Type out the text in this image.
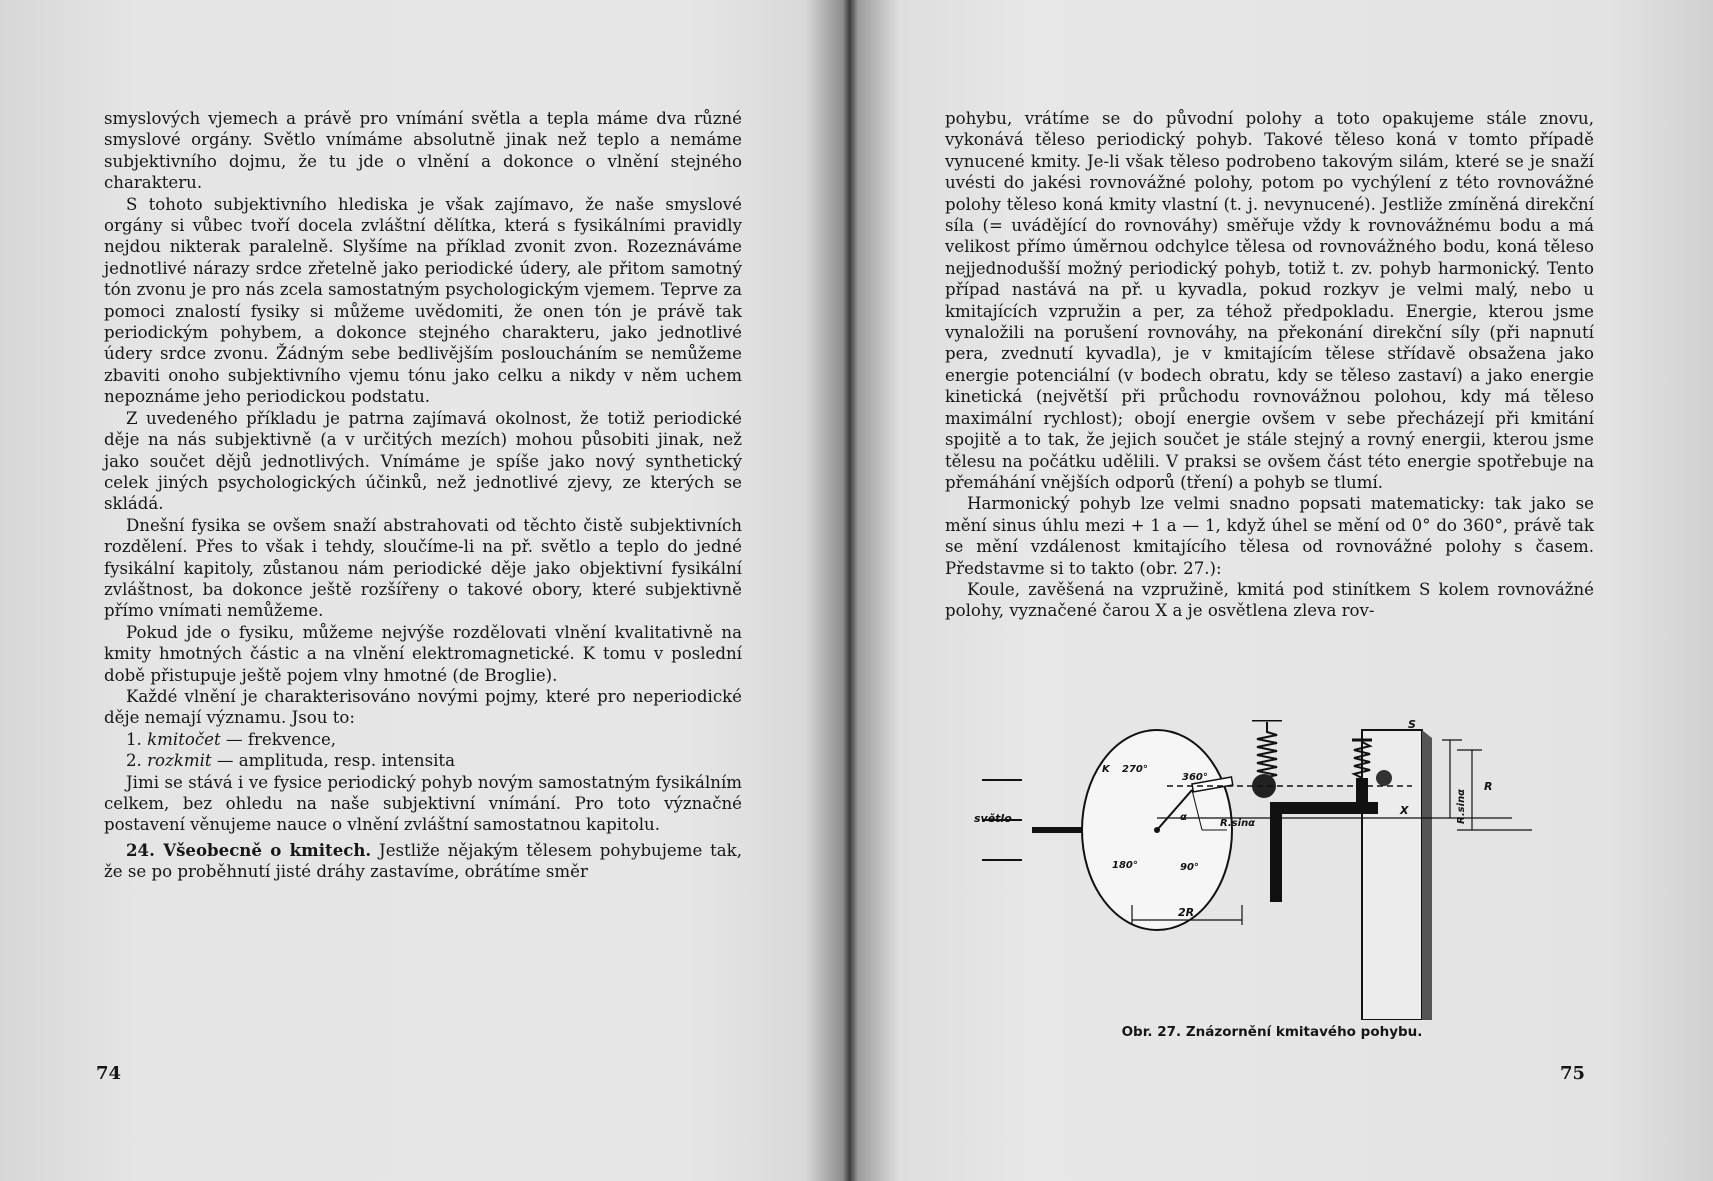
smyslových vjemech a právě pro vnímání světla a tepla máme dva různé smyslové orgány. Světlo vnímáme absolutně jinak než teplo a nemáme subjektivního dojmu, že tu jde o vlnění a dokonce o vlnění stejného charakteru.

S tohoto subjektivního hlediska je však zajímavo, že naše smyslové orgány si vůbec tvoří docela zvláštní dělítka, která s fysikálními pravidly nejdou nikterak paralelně. Slyšíme na příklad zvonit zvon. Rozeznáváme jednotlivé nárazy srdce zřetelně jako periodické údery, ale přitom samotný tón zvonu je pro nás zcela samostatným psychologickým vjemem. Teprve za pomoci znalostí fysiky si můžeme uvědomiti, že onen tón je právě tak periodickým pohybem, a dokonce stejného charakteru, jako jednotlivé údery srdce zvonu. Žádným sebe bedlivějším posloucháním se nemůžeme zbaviti onoho subjektivního vjemu tónu jako celku a nikdy v něm uchem nepoznáme jeho periodickou podstatu.

Z uvedeného příkladu je patrna zajímavá okolnost, že totiž periodické děje na nás subjektivně (a v určitých mezích) mohou působiti jinak, než jako součet dějů jednotlivých. Vnímáme je spíše jako nový synthetický celek jiných psychologických účinků, než jednotlivé zjevy, ze kterých se skládá.

Dnešní fysika se ovšem snaží abstrahovati od těchto čistě subjektivních rozdělení. Přes to však i tehdy, sloučíme-li na př. světlo a teplo do jedné fysikální kapitoly, zůstanou nám periodické děje jako objektivní fysikální zvláštnost, ba dokonce ještě rozšířeny o takové obory, které subjektivně přímo vnímati nemůžeme.

Pokud jde o fysiku, můžeme nejvýše rozdělovati vlnění kvalitativně na kmity hmotných částic a na vlnění elektromagnetické. K tomu v poslední době přistupuje ještě pojem vlny hmotné (de Broglie).

Každé vlnění je charakterisováno novými pojmy, které pro neperiodické děje nemají významu. Jsou to:

1. kmitočet — frekvence,
2. rozkmit — amplituda, resp. intensita

Jimi se stává i ve fysice periodický pohyb novým samostatným fysikálním celkem, bez ohledu na naše subjektivní vnímání. Pro toto význačné postavení věnujeme nauce o vlnění zvláštní samostatnou kapitolu.

24. Všeobecně o kmitech. Jestliže nějakým tělesem pohybujeme tak, že se po proběhnutí jisté dráhy zastavíme, obrátíme směr

74

pohybu, vrátíme se do původní polohy a toto opakujeme stále znovu, vykonává těleso periodický pohyb. Takové těleso koná v tomto případě vynucené kmity. Je-li však těleso podrobeno takovým silám, které se je snaží uvésti do jakési rovnovážné polohy, potom po vychýlení z této rovnovážné polohy těleso koná kmity vlastní (t. j. nevynucené). Jestliže zmíněná direkční síla (= uvádějící do rovnováhy) směřuje vždy k rovnovážnému bodu a má velikost přímo úměrnou odchylce tělesa od rovnovážného bodu, koná těleso nejjednodušší možný periodický pohyb, totiž t. zv. pohyb harmonický. Tento případ nastává na př. u kyvadla, pokud rozkyv je velmi malý, nebo u kmitajících vzpružin a per, za téhož předpokladu. Energie, kterou jsme vynaložili na porušení rovnováhy, na překonání direkční síly (při napnutí pera, zvednutí kyvadla), je v kmitajícím tělese střídavě obsažena jako energie potenciální (v bodech obratu, kdy se těleso zastaví) a jako energie kinetická (největší při průchodu rovnovážnou polohou, kdy má těleso maximální rychlost); obojí energie ovšem v sebe přecházejí při kmitání spojitě a to tak, že jejich součet je stále stejný a rovný energii, kterou jsme tělesu na počátku udělili. V praksi se ovšem část této energie spotřebuje na přemáhání vnějších odporů (tření) a pohyb se tlumí.

Harmonický pohyb lze velmi snadno popsati matematicky: tak jako se mění sinus úhlu mezi + 1 a — 1, když úhel se mění od 0° do 360°, právě tak se mění vzdálenost kmitajícího tělesa od rovnovážné polohy s časem. Představme si to takto (obr. 27.):

Koule, zavěšená na vzpružině, kmitá pod stinítkem S kolem rovnovážné polohy, vyznačené čarou X a je osvětlena zleva rov-

světlo
S
X
R
R.sinα	R.sinα
2R
270°
360°
180°	90°
α
K
Obr. 27. Znázornění kmitavého pohybu.
75
